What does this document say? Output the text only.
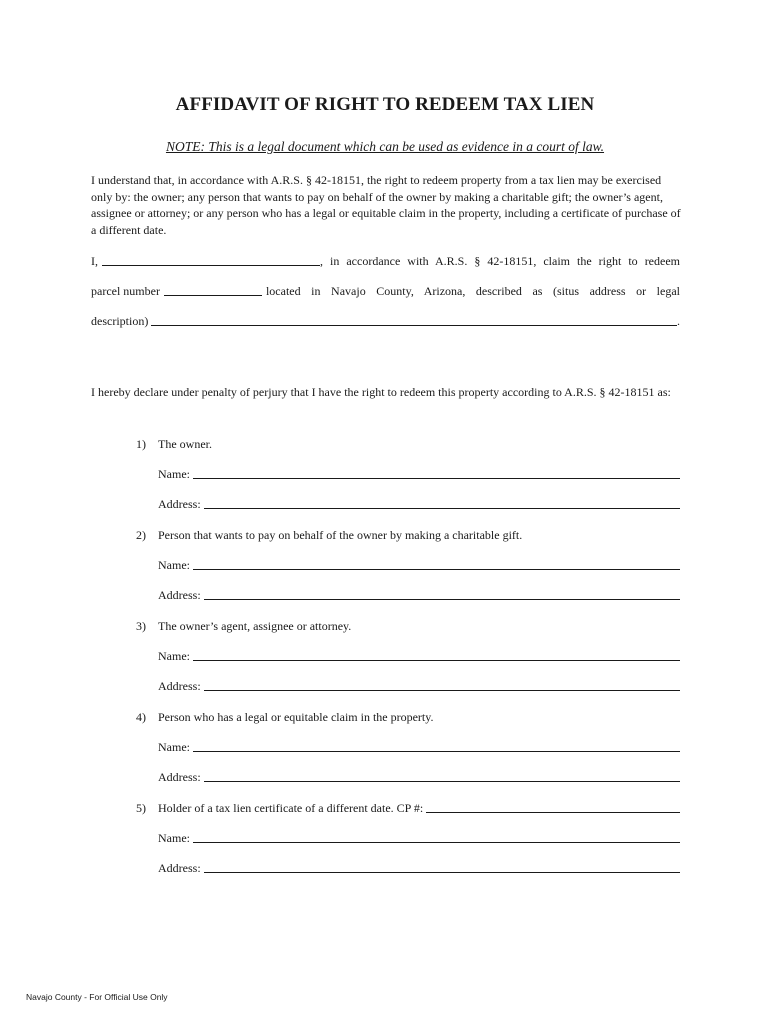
AFFIDAVIT OF RIGHT TO REDEEM TAX LIEN
NOTE: This is a legal document which can be used as evidence in a court of law.

I understand that, in accordance with A.R.S. § 42-18151, the right to redeem property from a tax lien may be exercised only by: the owner; any person that wants to pay on behalf of the owner by making a charitable gift; the owner’s agent, assignee or attorney; or any person who has a legal or equitable claim in the property, including a certificate of purchase of a different date.

I,	, in accordance with A.R.S. § 42-18151, claim the right to redeem
parcel number	located in Navajo County, Arizona, described as (situs address or legal
description)	.

I hereby declare under penalty of perjury that I have the right to redeem this property according to A.R.S. § 42-18151 as:

1)	The owner.
Name:
Address:
2)	Person that wants to pay on behalf of the owner by making a charitable gift.
Name:
Address:
3)	The owner’s agent, assignee or attorney.
Name:
Address:
4)	Person who has a legal or equitable claim in the property.
Name:
Address:
5)	Holder of a tax lien certificate of a different date. CP #:
Name:
Address:
Navajo County - For Official Use Only
